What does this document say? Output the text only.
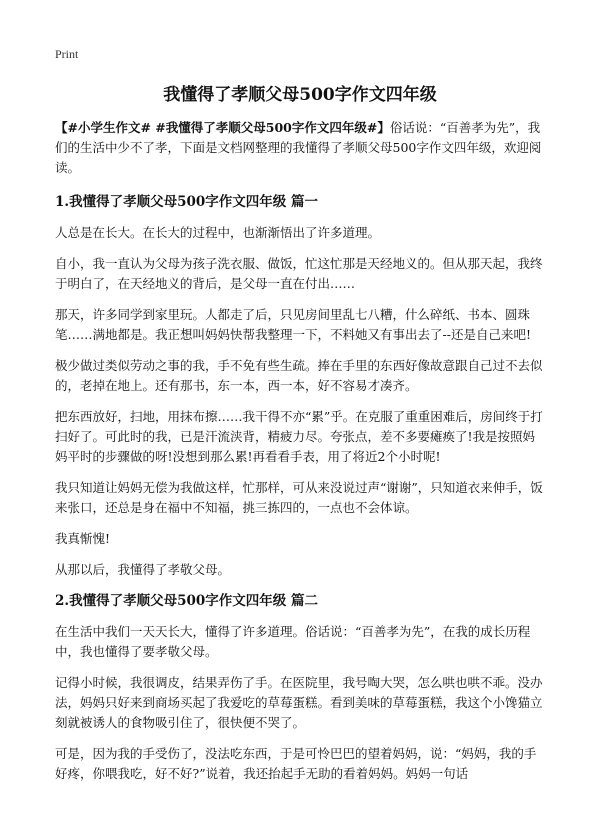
Print
我懂得了孝顺父母500字作文四年级

【#小学生作文# #我懂得了孝顺父母500字作文四年级#】俗话说：“百善孝为先”，我们的生活中少不了孝，下面是文档网整理的我懂得了孝顺父母500字作文四年级，欢迎阅读。

1.我懂得了孝顺父母500字作文四年级 篇一

人总是在长大。在长大的过程中，也渐渐悟出了许多道理。

自小，我一直认为父母为孩子洗衣服、做饭，忙这忙那是天经地义的。但从那天起，我终于明白了，在天经地义的背后，是父母一直在付出……

那天，许多同学到家里玩。人都走了后，只见房间里乱七八糟，什么碎纸、书本、圆珠笔……满地都是。我正想叫妈妈快帮我整理一下，不料她又有事出去了--还是自己来吧!

极少做过类似劳动之事的我，手不免有些生疏。捧在手里的东西好像故意跟自己过不去似的，老掉在地上。还有那书，东一本，西一本，好不容易才凑齐。

把东西放好，扫地，用抹布擦……我干得不亦“累”乎。在克服了重重困难后，房间终于打扫好了。可此时的我，已是汗流浃背，精疲力尽。夸张点，差不多要瘫痪了!我是按照妈妈平时的步骤做的呀!没想到那么累!再看看手表，用了将近2个小时呢!

我只知道让妈妈无偿为我做这样，忙那样，可从来没说过声“谢谢”，只知道衣来伸手，饭来张口，还总是身在福中不知福，挑三拣四的，一点也不会体谅。

我真惭愧!

从那以后，我懂得了孝敬父母。

2.我懂得了孝顺父母500字作文四年级 篇二

在生活中我们一天天长大，懂得了许多道理。俗话说：“百善孝为先”，在我的成长历程中，我也懂得了要孝敬父母。

记得小时候，我很调皮，结果弄伤了手。在医院里，我号啕大哭，怎么哄也哄不乖。没办法，妈妈只好来到商场买起了我爱吃的草莓蛋糕。看到美味的草莓蛋糕，我这个小馋猫立刻就被诱人的食物吸引住了，很快便不哭了。

可是，因为我的手受伤了，没法吃东西，于是可怜巴巴的望着妈妈，说：“妈妈，我的手好疼，你喂我吃，好不好?”说着，我还抬起手无助的看着妈妈。妈妈一句话
